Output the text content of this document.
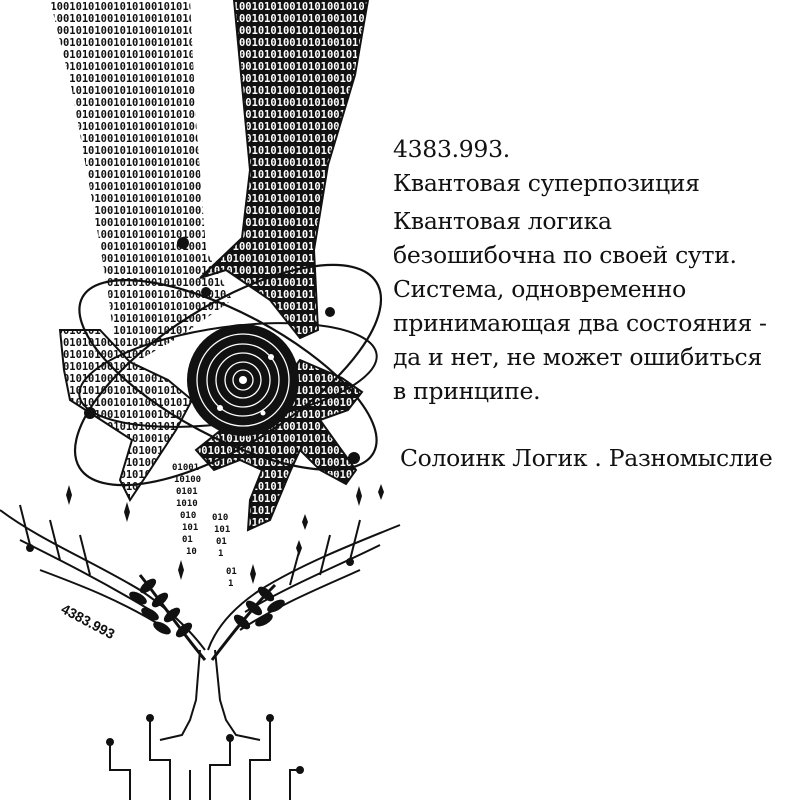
01001
10100
0101
1010
010
101
01
10
010
101
01
1
01
1
4383.993
4383.993.
Квантовая суперпозиция
Квантовая логика
безошибочна по своей сути.
Система, одновременно
принимающая два состояния -
да и нет, не может ошибиться
в принципе.
Солоинк Логик . Разномыслие
